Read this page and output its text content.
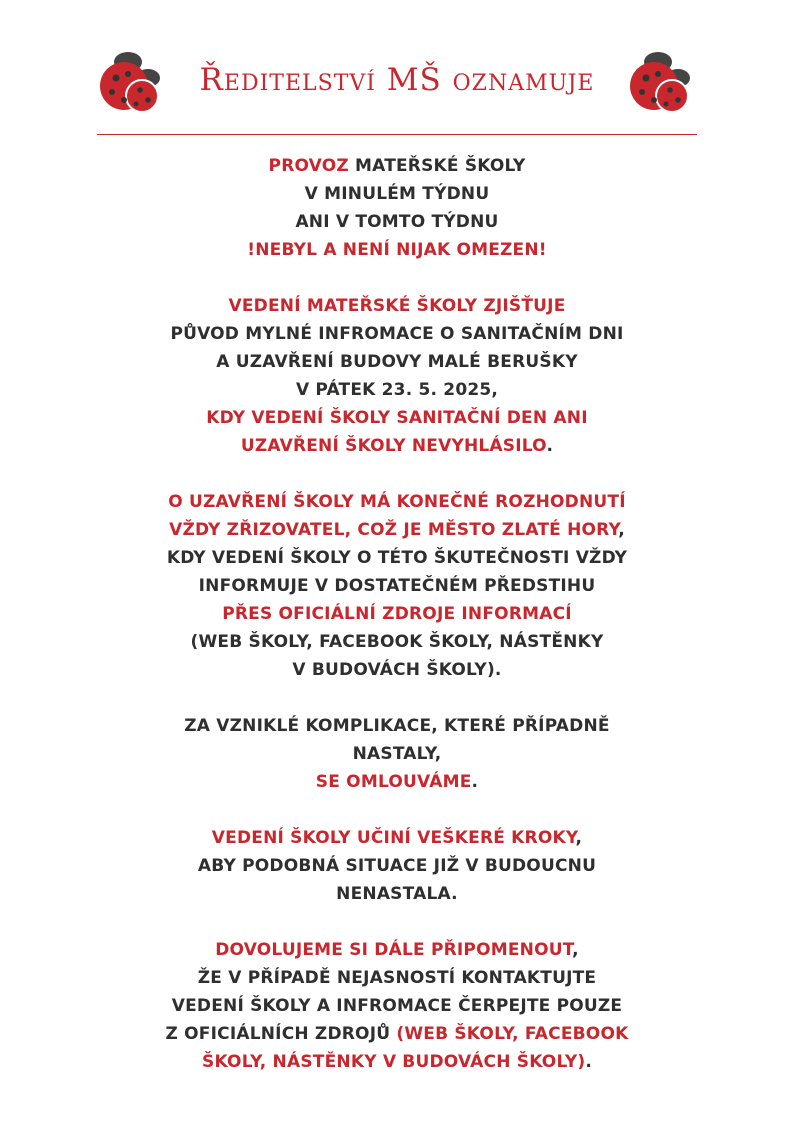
Ředitelství MŠ oznamuje
PROVOZ MATEŘSKÉ ŠKOLY
V MINULÉM TÝDNU
ANI V TOMTO TÝDNU
!NEBYL A NENÍ NIJAK OMEZEN!
VEDENÍ MATEŘSKÉ ŠKOLY ZJIŠŤUJE
PŮVOD MYLNÉ INFROMACE O SANITAČNÍM DNI
A UZAVŘENÍ BUDOVY MALÉ BERUŠKY
V PÁTEK 23. 5. 2025,
KDY VEDENÍ ŠKOLY SANITAČNÍ DEN ANI
UZAVŘENÍ ŠKOLY NEVYHLÁSILO.
O UZAVŘENÍ ŠKOLY MÁ KONEČNÉ ROZHODNUTÍ
VŽDY ZŘIZOVATEL, COŽ JE MĚSTO ZLATÉ HORY,
KDY VEDENÍ ŠKOLY O TÉTO ŠKUTEČNOSTI VŽDY
INFORMUJE V DOSTATEČNÉM PŘEDSTIHU
PŘES OFICIÁLNÍ ZDROJE INFORMACÍ
(WEB ŠKOLY, FACEBOOK ŠKOLY, NÁSTĚNKY
V BUDOVÁCH ŠKOLY).
ZA VZNIKLÉ KOMPLIKACE, KTERÉ PŘÍPADNĚ
NASTALY,
SE OMLOUVÁME.
VEDENÍ ŠKOLY UČINÍ VEŠKERÉ KROKY,
ABY PODOBNÁ SITUACE JIŽ V BUDOUCNU
NENASTALA.
DOVOLUJEME SI DÁLE PŘIPOMENOUT,
ŽE V PŘÍPADĚ NEJASNOSTÍ KONTAKTUJTE
VEDENÍ ŠKOLY A INFROMACE ČERPEJTE POUZE
Z OFICIÁLNÍCH ZDROJŮ (WEB ŠKOLY, FACEBOOK
ŠKOLY, NÁSTĚNKY V BUDOVÁCH ŠKOLY).
